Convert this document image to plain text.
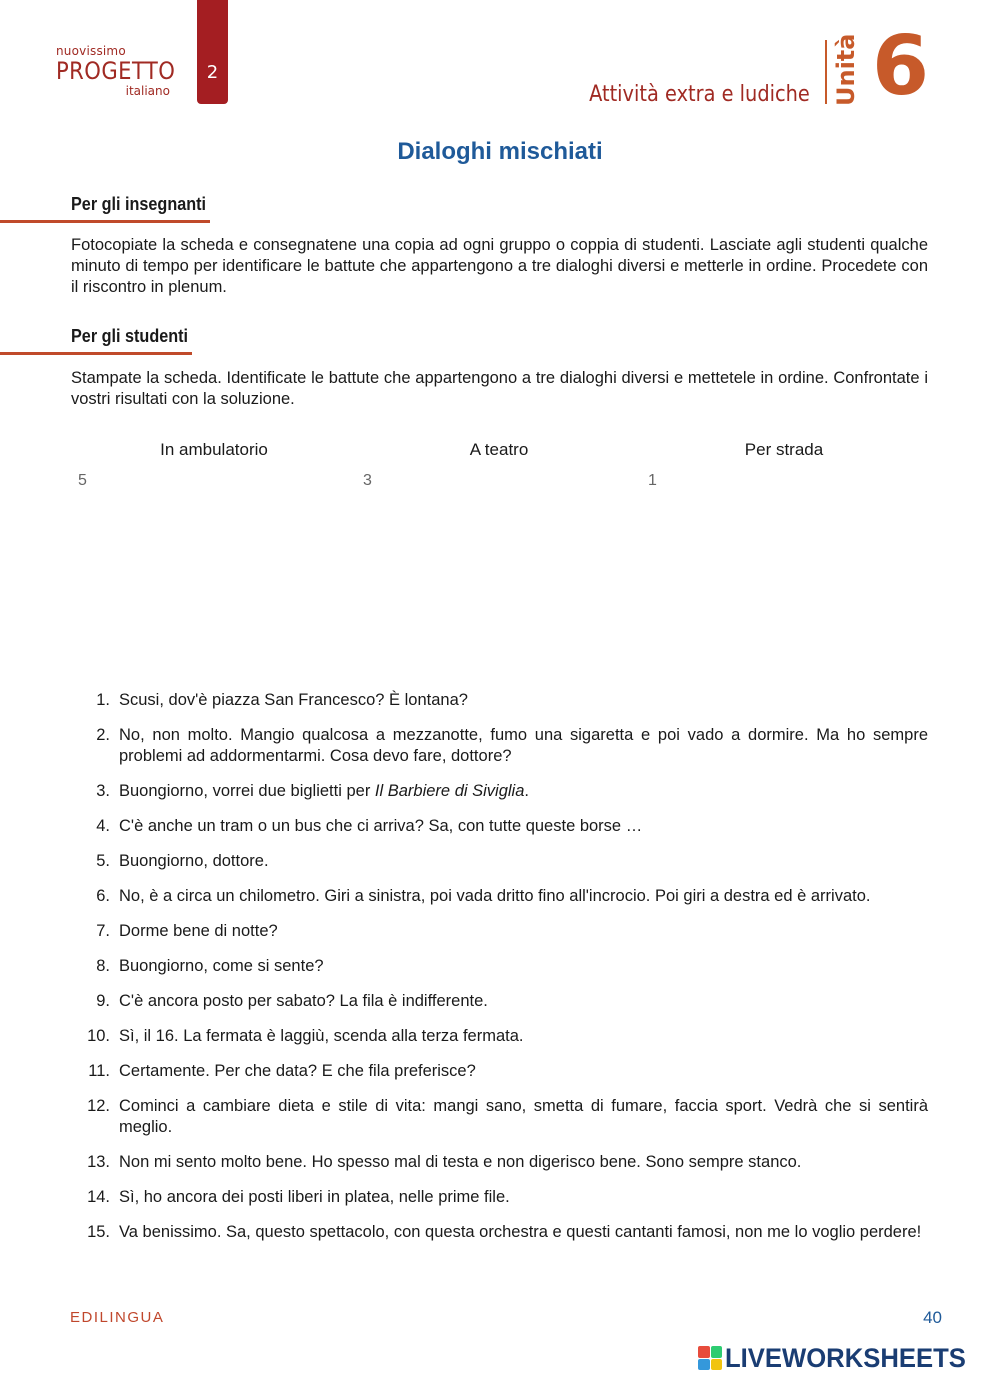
nuovissimo
PROGETTO
italiano
2
Attività extra e ludiche Unità 6
Dialoghi mischiati
Per gli insegnanti
Fotocopiate la scheda e consegnatene una copia ad ogni gruppo o coppia di studenti. Lasciate agli studenti qualche minuto di tempo per identificare le battute che appartengono a tre dialoghi diversi e metterle in ordine. Procedete con il riscontro in plenum.
Per gli studenti
Stampate la scheda. Identificate le battute che appartengono a tre dialoghi diversi e mettetele in ordine. Confrontate i vostri risultati con la soluzione.
In ambulatorio	A teatro	Per strada
5	3	1
1. Scusi, dov'è piazza San Francesco? È lontana?
2. No, non molto. Mangio qualcosa a mezzanotte, fumo una sigaretta e poi vado a dormire. Ma ho sempre problemi ad addormentarmi. Cosa devo fare, dottore?
3. Buongiorno, vorrei due biglietti per Il Barbiere di Siviglia.
4. C'è anche un tram o un bus che ci arriva? Sa, con tutte queste borse …
5. Buongiorno, dottore.
6. No, è a circa un chilometro. Giri a sinistra, poi vada dritto fino all'incrocio. Poi giri a destra ed è arrivato.
7. Dorme bene di notte?
8. Buongiorno, come si sente?
9. C'è ancora posto per sabato? La fila è indifferente.
10. Sì, il 16. La fermata è laggiù, scenda alla terza fermata.
11. Certamente. Per che data? E che fila preferisce?
12. Cominci a cambiare dieta e stile di vita: mangi sano, smetta di fumare, faccia sport. Vedrà che si sentirà meglio.
13. Non mi sento molto bene. Ho spesso mal di testa e non digerisco bene. Sono sempre stanco.
14. Sì, ho ancora dei posti liberi in platea, nelle prime file.
15. Va benissimo. Sa, questo spettacolo, con questa orchestra e questi cantanti famosi, non me lo voglio perdere!
EDILINGUA	40
LIVEWORKSHEETS
